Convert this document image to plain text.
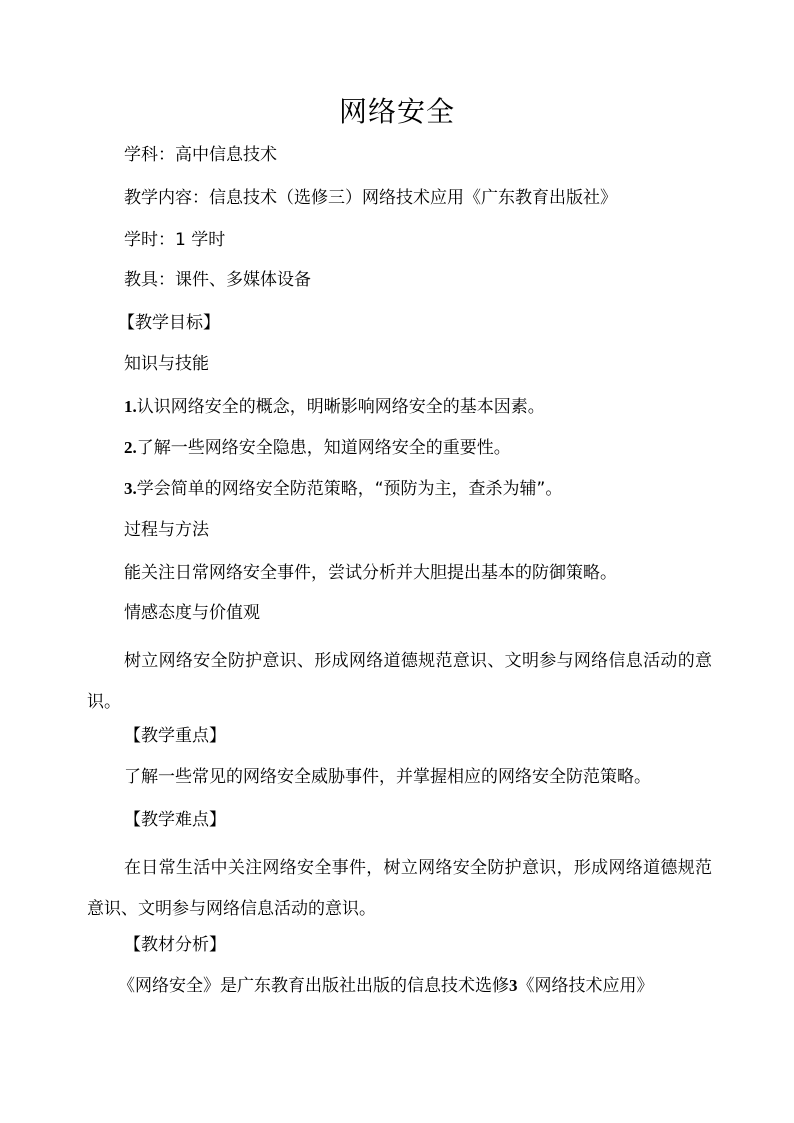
网络安全
学科：高中信息技术
教学内容：信息技术（选修三）网络技术应用《广东教育出版社》
学时：1 学时
教具：课件、多媒体设备
【教学目标】
知识与技能
1.认识网络安全的概念，明晰影响网络安全的基本因素。
2.了解一些网络安全隐患，知道网络安全的重要性。
3.学会简单的网络安全防范策略，“预防为主，查杀为辅”。
过程与方法
能关注日常网络安全事件，尝试分析并大胆提出基本的防御策略。
情感态度与价值观
树立网络安全防护意识、形成网络道德规范意识、文明参与网络信息活动的意识。
【教学重点】
了解一些常见的网络安全威胁事件，并掌握相应的网络安全防范策略。
【教学难点】
在日常生活中关注网络安全事件，树立网络安全防护意识，形成网络道德规范意识、文明参与网络信息活动的意识。
【教材分析】
《网络安全》是广东教育出版社出版的信息技术选修3《网络技术应用》
